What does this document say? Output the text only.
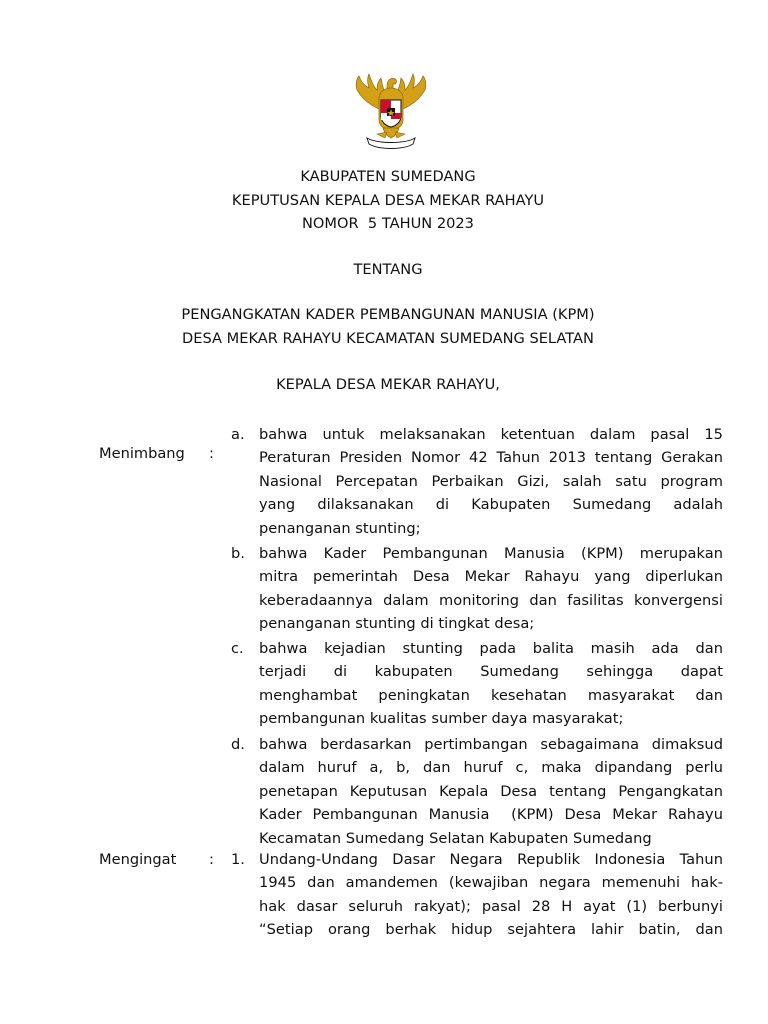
KABUPATEN SUMEDANG
KEPUTUSAN KEPALA DESA MEKAR RAHAYU
NOMOR  5 TAHUN 2023
TENTANG
PENGANGKATAN KADER PEMBANGUNAN MANUSIA (KPM)
DESA MEKAR RAHAYU KECAMATAN SUMEDANG SELATAN
KEPALA DESA MEKAR RAHAYU,
Menimbang :
a. bahwa untuk melaksanakan ketentuan dalam pasal 15
Peraturan Presiden Nomor 42 Tahun 2013 tentang Gerakan
Nasional Percepatan Perbaikan Gizi, salah satu program
yang dilaksanakan di Kabupaten Sumedang adalah
penanganan stunting;
b. bahwa Kader Pembangunan Manusia (KPM) merupakan
mitra pemerintah Desa Mekar Rahayu yang diperlukan
keberadaannya dalam monitoring dan fasilitas konvergensi
penanganan stunting di tingkat desa;
c.	bahwa kejadian stunting pada balita masih ada dan
terjadi di kabupaten Sumedang sehingga dapat
menghambat peningkatan kesehatan masyarakat dan
pembangunan kualitas sumber daya masyarakat;
d. bahwa berdasarkan pertimbangan sebagaimana dimaksud
dalam huruf a, b, dan huruf c, maka dipandang perlu
penetapan Keputusan Kepala Desa tentang Pengangkatan
Kader Pembangunan Manusia  (KPM) Desa Mekar Rahayu
Kecamatan Sumedang Selatan Kabupaten Sumedang
Mengingat : 1. Undang-Undang Dasar Negara Republik Indonesia Tahun
1945 dan amandemen (kewajiban negara memenuhi hak-
hak dasar seluruh rakyat); pasal 28 H ayat (1) berbunyi
“Setiap orang berhak hidup sejahtera lahir batin, dan
